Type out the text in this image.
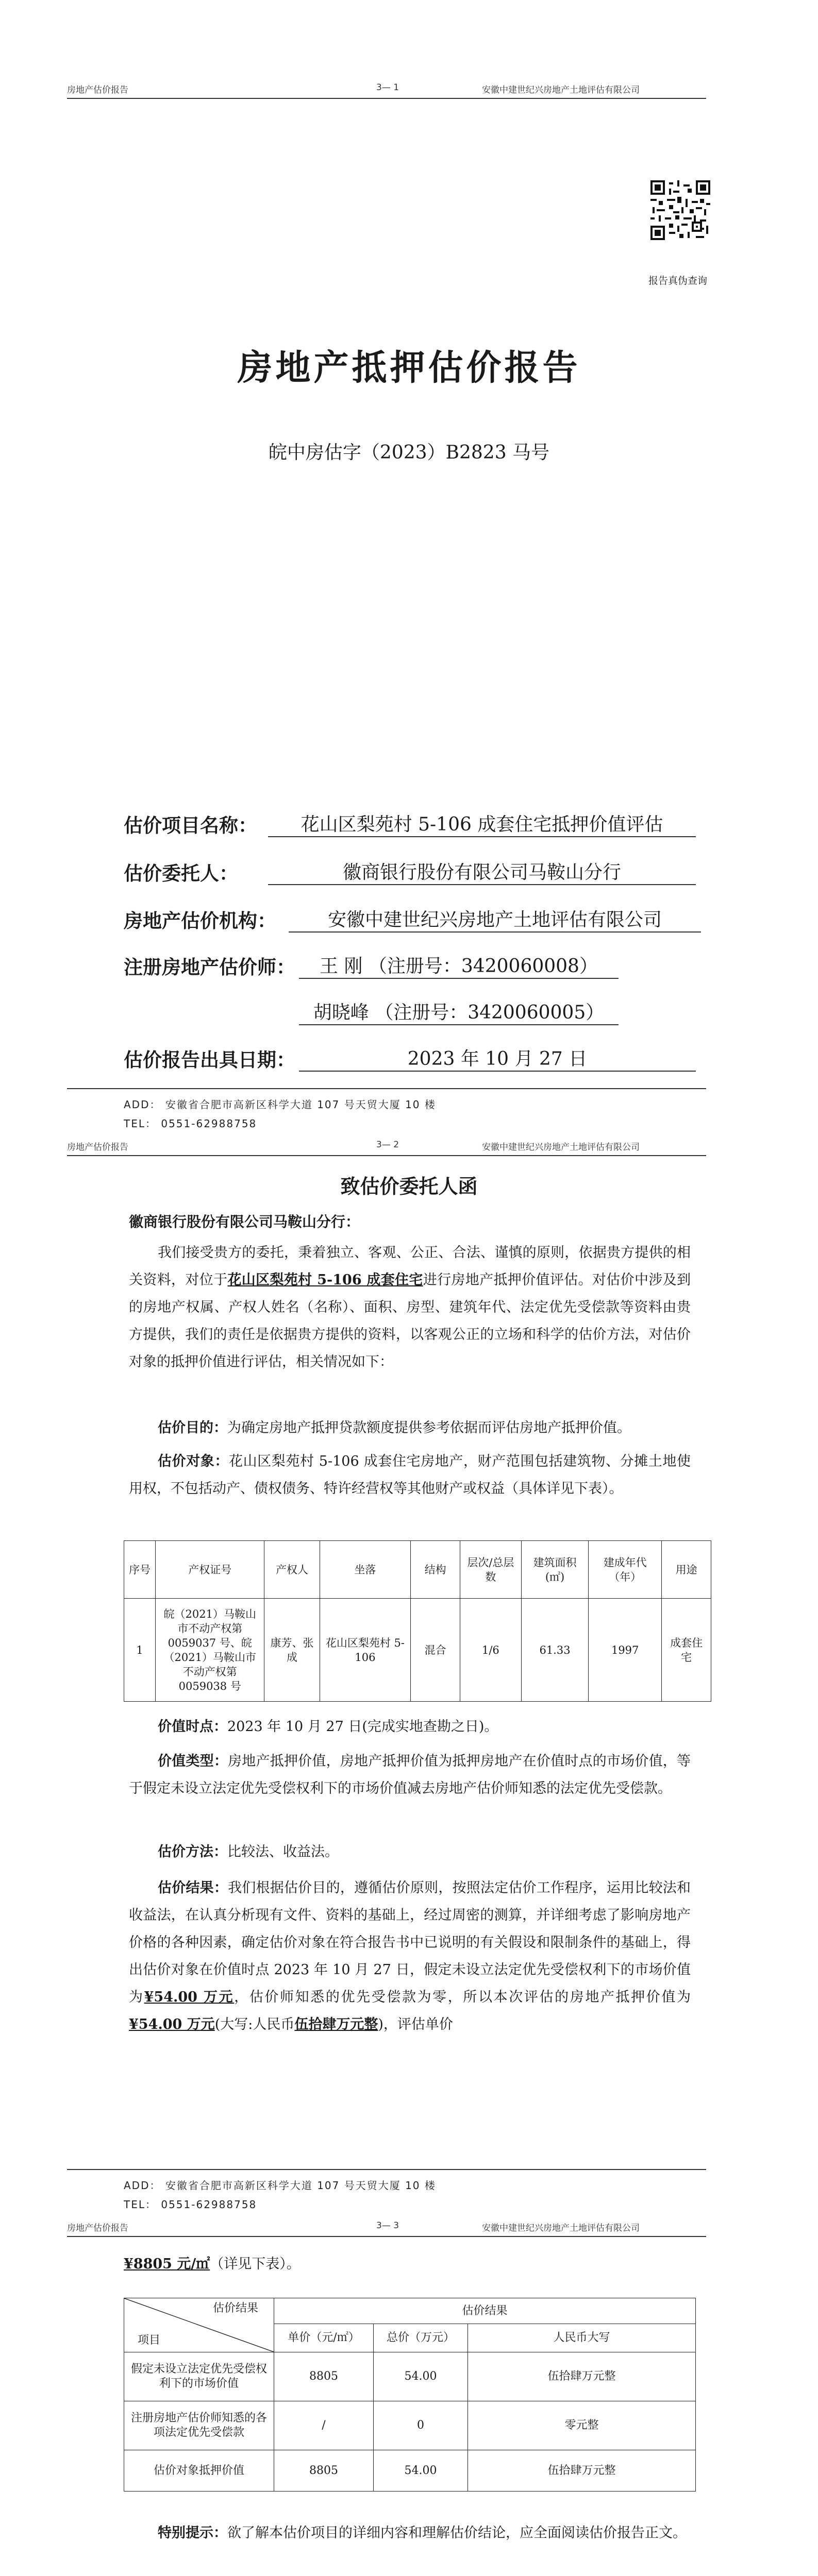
房地产估价报告	3— 1	安徽中建世纪兴房地产土地评估有限公司
报告真伪查询
房地产抵押估价报告
皖中房估字（2023）B2823 马号
估价项目名称：	花山区梨苑村 5-106 成套住宅抵押价值评估
估价委托人：	徽商银行股份有限公司马鞍山分行
房地产估价机构：	安徽中建世纪兴房地产土地评估有限公司
注册房地产估价师：	王 刚 （注册号：3420060008）
胡晓峰 （注册号：3420060005）
估价报告出具日期：	2023 年 10 月 27 日
ADD： 安徽省合肥市高新区科学大道 107 号天贸大厦 10 楼
TEL： 0551-62988758
房地产估价报告	3— 2	安徽中建世纪兴房地产土地评估有限公司
致估价委托人函
徽商银行股份有限公司马鞍山分行：
我们接受贵方的委托，秉着独立、客观、公正、合法、谨慎的原则，依据贵方提供的相关资料，对位于花山区梨苑村 5-106 成套住宅进行房地产抵押价值评估。对估价中涉及到的房地产权属、产权人姓名（名称）、面积、房型、建筑年代、法定优先受偿款等资料由贵方提供，我们的责任是依据贵方提供的资料，以客观公正的立场和科学的估价方法，对估价对象的抵押价值进行评估，相关情况如下：
估价目的：为确定房地产抵押贷款额度提供参考依据而评估房地产抵押价值。
估价对象：花山区梨苑村 5-106 成套住宅房地产，财产范围包括建筑物、分摊土地使用权，不包括动产、债权债务、特许经营权等其他财产或权益（具体详见下表）。
序号	产权证号	产权人	坐落	结构	层次/总层数	建筑面积(㎡)	建成年代（年）	用途
1	皖（2021）马鞍山市不动产权第 0059037 号、皖（2021）马鞍山市不动产权第 0059038 号	康芳、张成	花山区梨苑村 5-106	混合	1/6	61.33	1997	成套住宅
价值时点：2023 年 10 月 27 日(完成实地查勘之日)。
价值类型：房地产抵押价值，房地产抵押价值为抵押房地产在价值时点的市场价值，等于假定未设立法定优先受偿权利下的市场价值减去房地产估价师知悉的法定优先受偿款。
估价方法：比较法、收益法。
估价结果：我们根据估价目的，遵循估价原则，按照法定估价工作程序，运用比较法和收益法，在认真分析现有文件、资料的基础上，经过周密的测算，并详细考虑了影响房地产价格的各种因素，确定估价对象在符合报告书中已说明的有关假设和限制条件的基础上，得出估价对象在价值时点 2023 年 10 月 27 日，假定未设立法定优先受偿权利下的市场价值为¥54.00 万元，估价师知悉的优先受偿款为零，所以本次评估的房地产抵押价值为¥54.00 万元(大写:人民币伍拾肆万元整)，评估单价
ADD： 安徽省合肥市高新区科学大道 107 号天贸大厦 10 楼
TEL： 0551-62988758
房地产估价报告	3— 3	安徽中建世纪兴房地产土地评估有限公司
¥8805 元/㎡（详见下表）。
估价结果
项目	估价结果		
	单价（元/㎡）	总价（万元）	人民币大写
假定未设立法定优先受偿权利下的市场价值	8805	54.00	伍拾肆万元整
注册房地产估价师知悉的各项法定优先受偿款	/	0	零元整
估价对象抵押价值	8805	54.00	伍拾肆万元整
特别提示：欲了解本估价项目的详细内容和理解估价结论，应全面阅读估价报告正文。
